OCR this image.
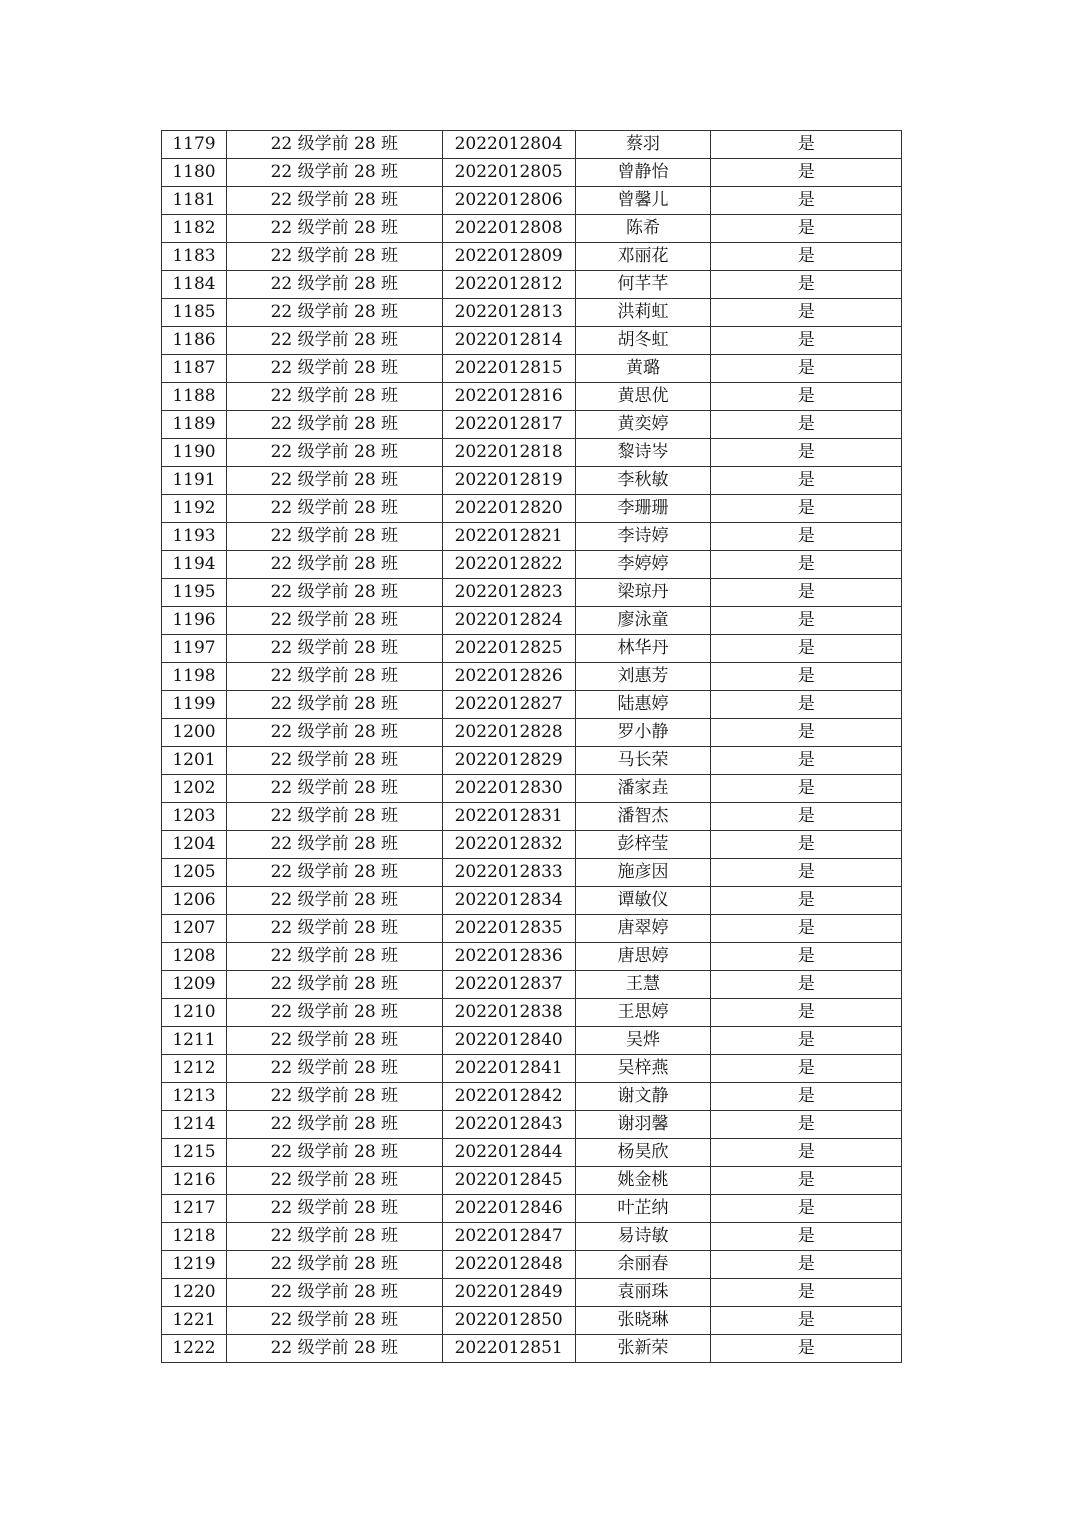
1179	22 级学前 28 班	2022012804	蔡羽	是
1180	22 级学前 28 班	2022012805	曾静怡	是
1181	22 级学前 28 班	2022012806	曾馨儿	是
1182	22 级学前 28 班	2022012808	陈希	是
1183	22 级学前 28 班	2022012809	邓丽花	是
1184	22 级学前 28 班	2022012812	何芊芊	是
1185	22 级学前 28 班	2022012813	洪莉虹	是
1186	22 级学前 28 班	2022012814	胡冬虹	是
1187	22 级学前 28 班	2022012815	黄璐	是
1188	22 级学前 28 班	2022012816	黄思优	是
1189	22 级学前 28 班	2022012817	黄奕婷	是
1190	22 级学前 28 班	2022012818	黎诗岑	是
1191	22 级学前 28 班	2022012819	李秋敏	是
1192	22 级学前 28 班	2022012820	李珊珊	是
1193	22 级学前 28 班	2022012821	李诗婷	是
1194	22 级学前 28 班	2022012822	李婷婷	是
1195	22 级学前 28 班	2022012823	梁琼丹	是
1196	22 级学前 28 班	2022012824	廖泳童	是
1197	22 级学前 28 班	2022012825	林华丹	是
1198	22 级学前 28 班	2022012826	刘惠芳	是
1199	22 级学前 28 班	2022012827	陆惠婷	是
1200	22 级学前 28 班	2022012828	罗小静	是
1201	22 级学前 28 班	2022012829	马长荣	是
1202	22 级学前 28 班	2022012830	潘家垚	是
1203	22 级学前 28 班	2022012831	潘智杰	是
1204	22 级学前 28 班	2022012832	彭梓莹	是
1205	22 级学前 28 班	2022012833	施彦因	是
1206	22 级学前 28 班	2022012834	谭敏仪	是
1207	22 级学前 28 班	2022012835	唐翠婷	是
1208	22 级学前 28 班	2022012836	唐思婷	是
1209	22 级学前 28 班	2022012837	王慧	是
1210	22 级学前 28 班	2022012838	王思婷	是
1211	22 级学前 28 班	2022012840	吴烨	是
1212	22 级学前 28 班	2022012841	吴梓燕	是
1213	22 级学前 28 班	2022012842	谢文静	是
1214	22 级学前 28 班	2022012843	谢羽馨	是
1215	22 级学前 28 班	2022012844	杨昊欣	是
1216	22 级学前 28 班	2022012845	姚金桃	是
1217	22 级学前 28 班	2022012846	叶芷纳	是
1218	22 级学前 28 班	2022012847	易诗敏	是
1219	22 级学前 28 班	2022012848	余丽春	是
1220	22 级学前 28 班	2022012849	袁丽珠	是
1221	22 级学前 28 班	2022012850	张晓琳	是
1222	22 级学前 28 班	2022012851	张新荣	是
